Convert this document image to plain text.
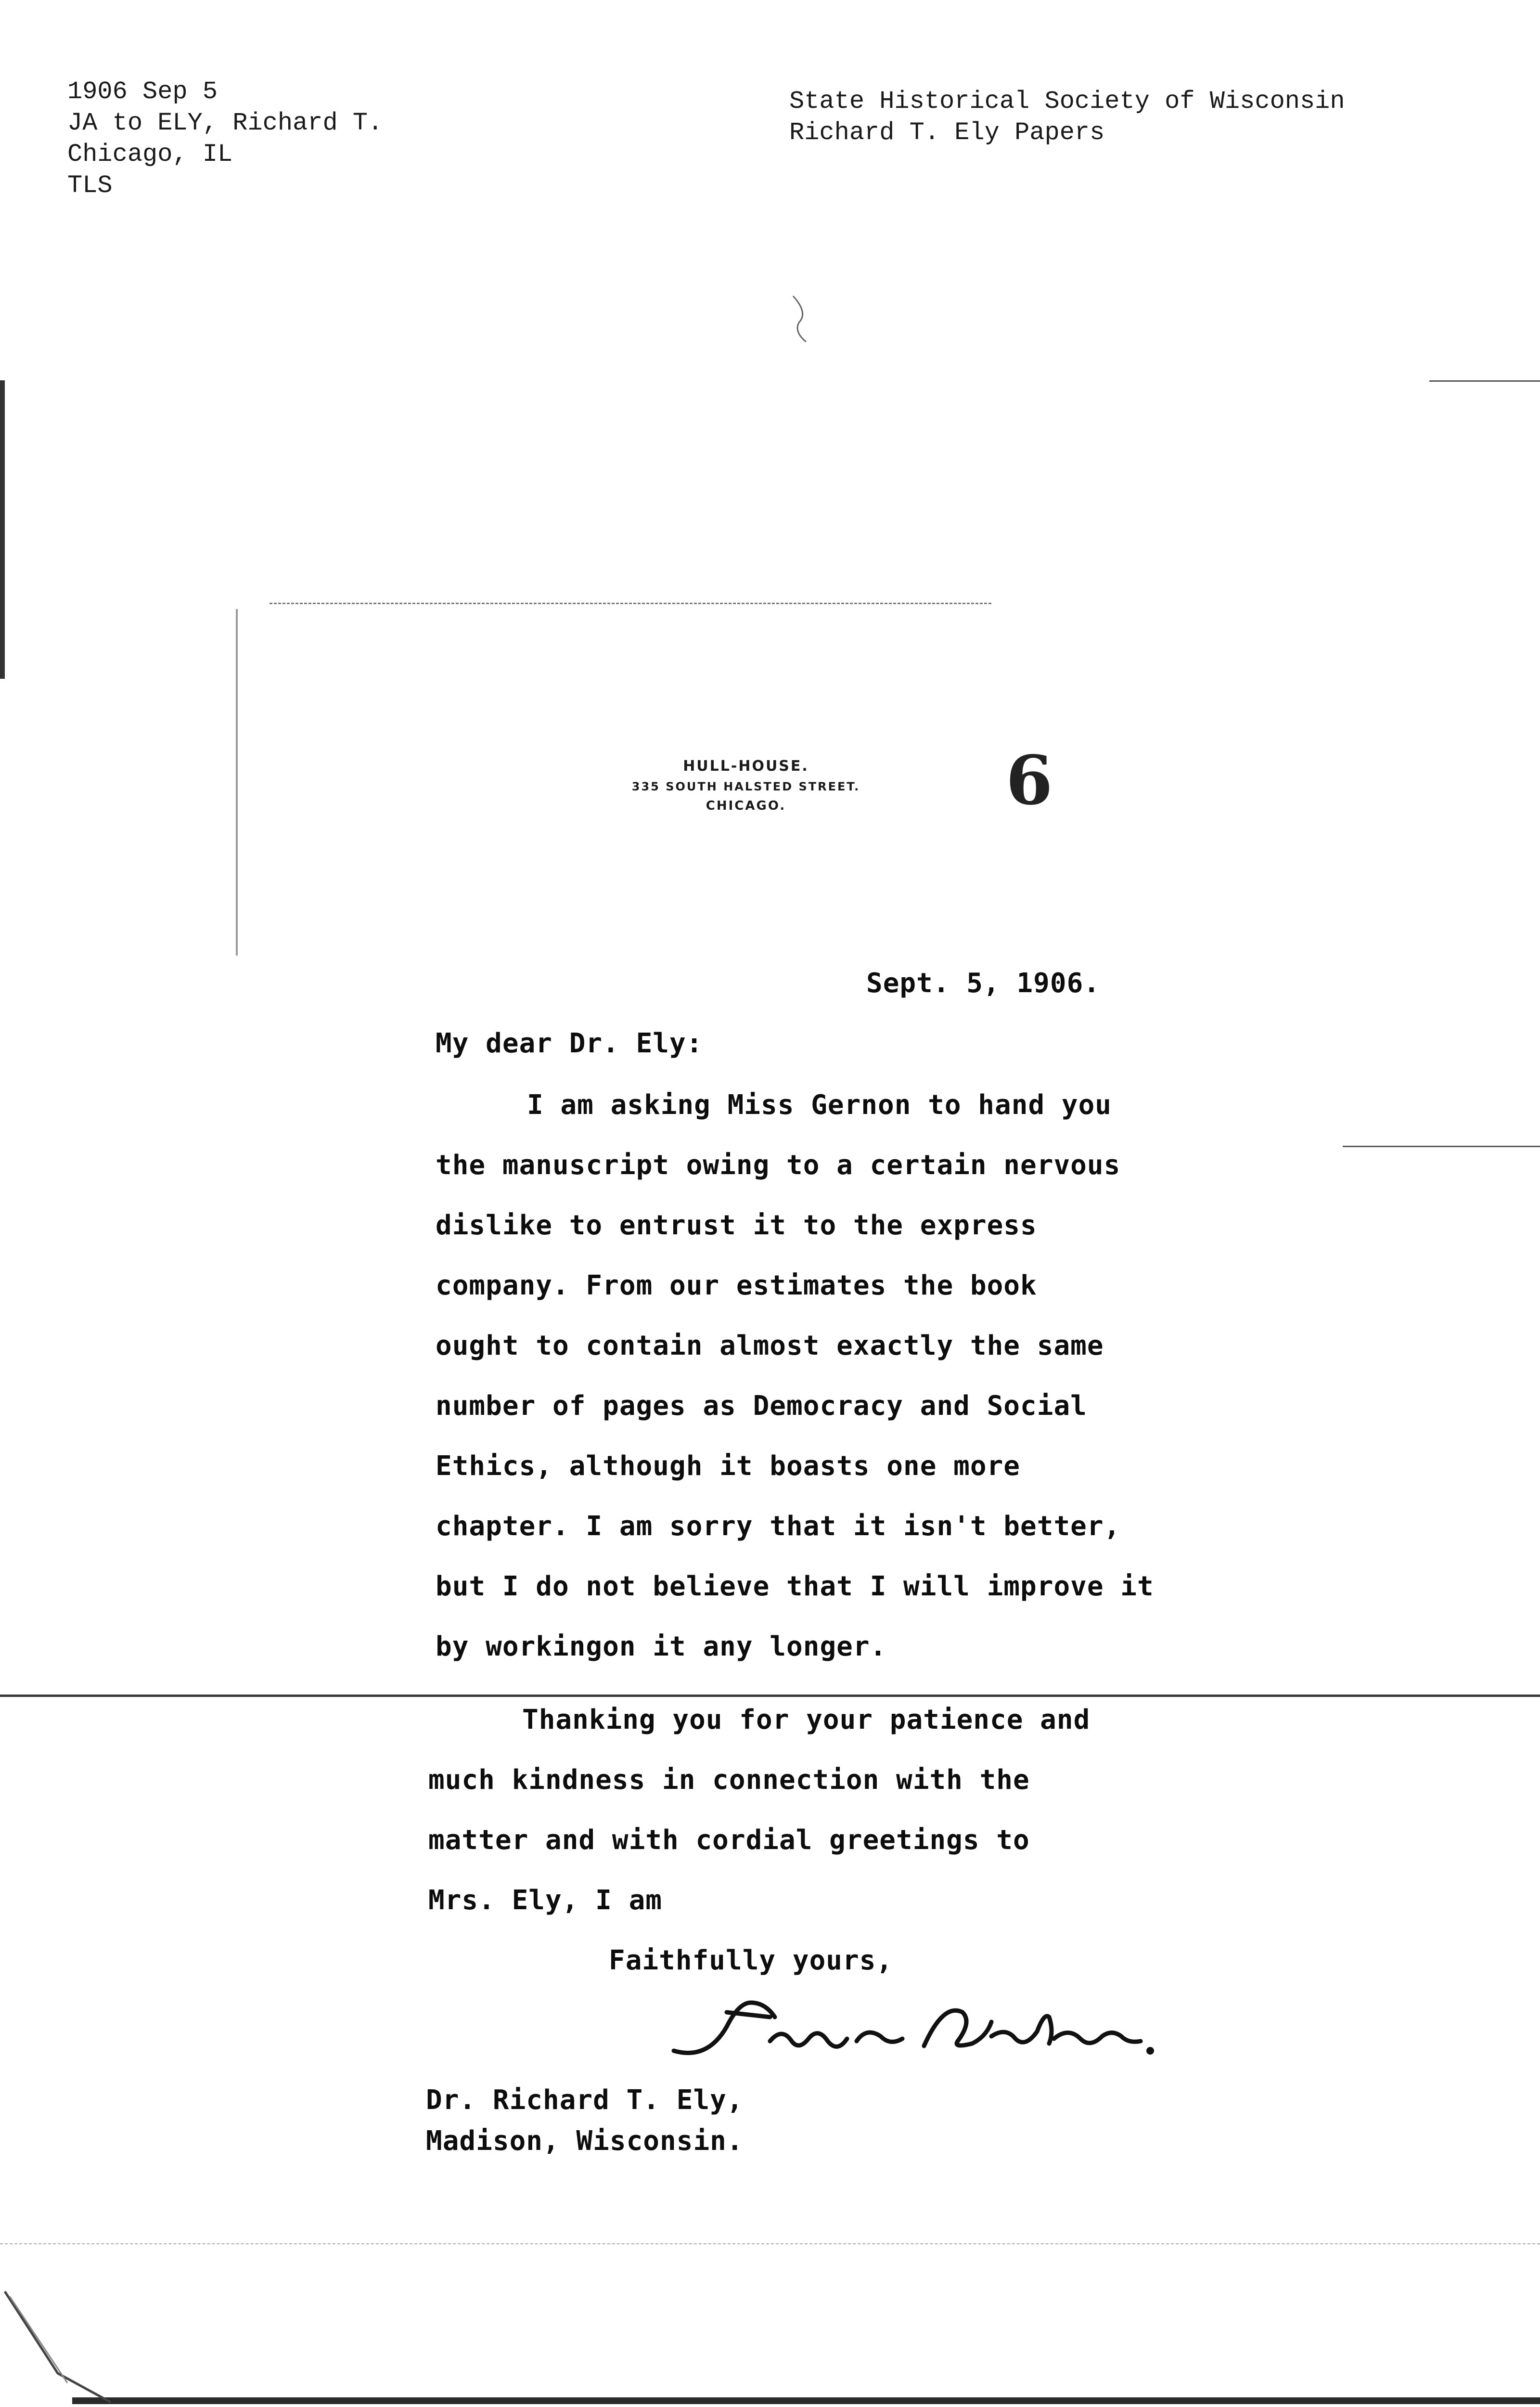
1906 Sep 5
JA to ELY, Richard T.
Chicago, IL
TLS
State Historical Society of Wisconsin
Richard T. Ely Papers
HULL-HOUSE.
335 SOUTH HALSTED STREET.
CHICAGO.	6
Sept. 5, 1906.
My dear Dr. Ely:
I am asking Miss Gernon to hand you
the manuscript owing to a certain nervous
dislike to entrust it to the express
company. From our estimates the book
ought to contain almost exactly the same
number of pages as Democracy and Social
Ethics, although it boasts one more
chapter. I am sorry that it isn't better,
but I do not believe that I will improve it
by workingon it any longer.
Thanking you for your patience and
much kindness in connection with the
matter and with cordial greetings to
Mrs. Ely, I am
Faithfully yours,
Dr. Richard T. Ely,
Madison, Wisconsin.
